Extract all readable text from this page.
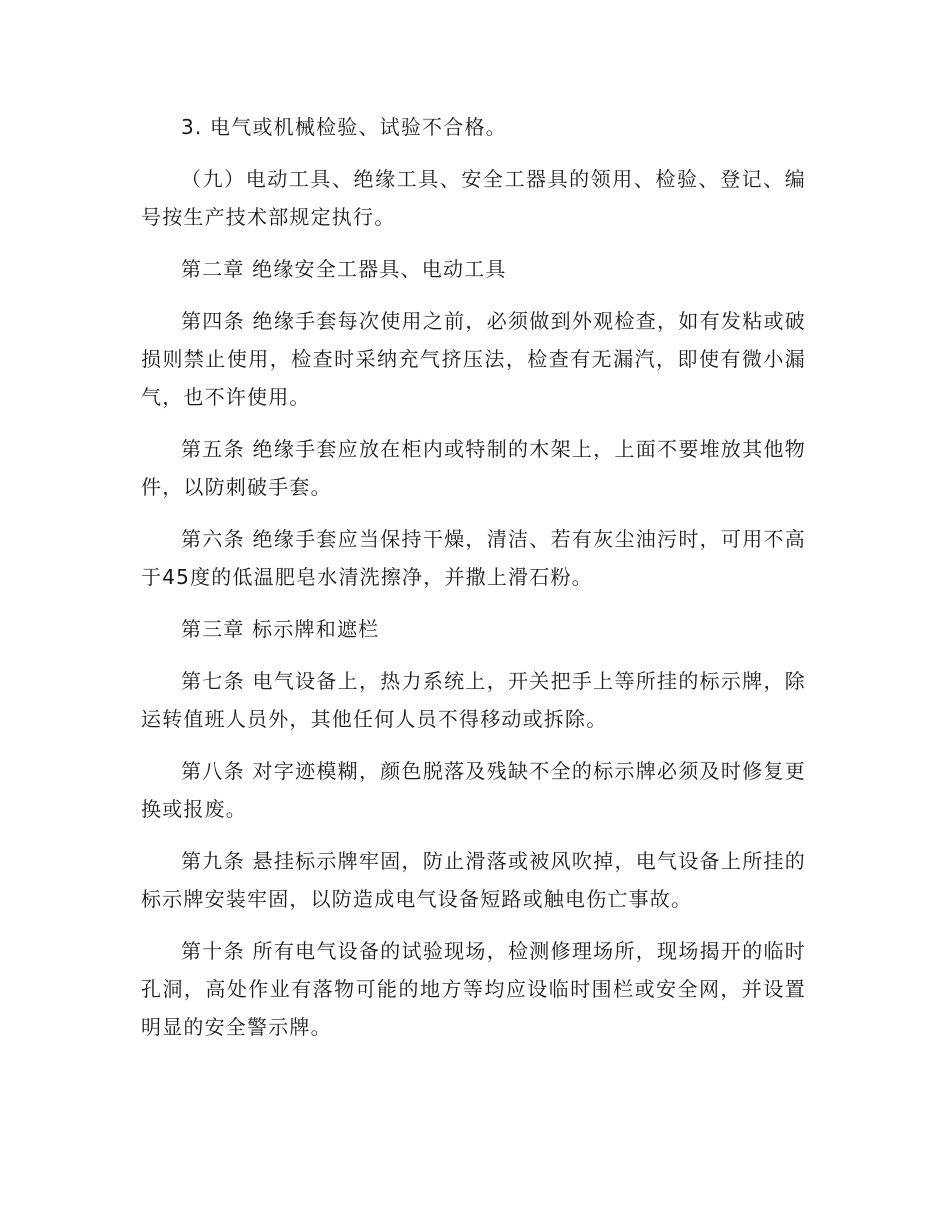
3. 电气或机械检验、试验不合格。

（九）电动工具、绝缘工具、安全工器具的领用、检验、登记、编号按生产技术部规定执行。

第二章 绝缘安全工器具、电动工具

第四条 绝缘手套每次使用之前，必须做到外观检查，如有发粘或破损则禁止使用，检查时采纳充气挤压法，检查有无漏汽，即使有微小漏气，也不许使用。

第五条 绝缘手套应放在柜内或特制的木架上，上面不要堆放其他物件，以防刺破手套。

第六条 绝缘手套应当保持干燥，清洁、若有灰尘油污时，可用不高于45度的低温肥皂水清洗擦净，并撒上滑石粉。

第三章 标示牌和遮栏

第七条 电气设备上，热力系统上，开关把手上等所挂的标示牌，除运转值班人员外，其他任何人员不得移动或拆除。

第八条 对字迹模糊，颜色脱落及残缺不全的标示牌必须及时修复更换或报废。

第九条 悬挂标示牌牢固，防止滑落或被风吹掉，电气设备上所挂的标示牌安装牢固，以防造成电气设备短路或触电伤亡事故。

第十条 所有电气设备的试验现场，检测修理场所，现场揭开的临时孔洞，高处作业有落物可能的地方等均应设临时围栏或安全网，并设置明显的安全警示牌。
